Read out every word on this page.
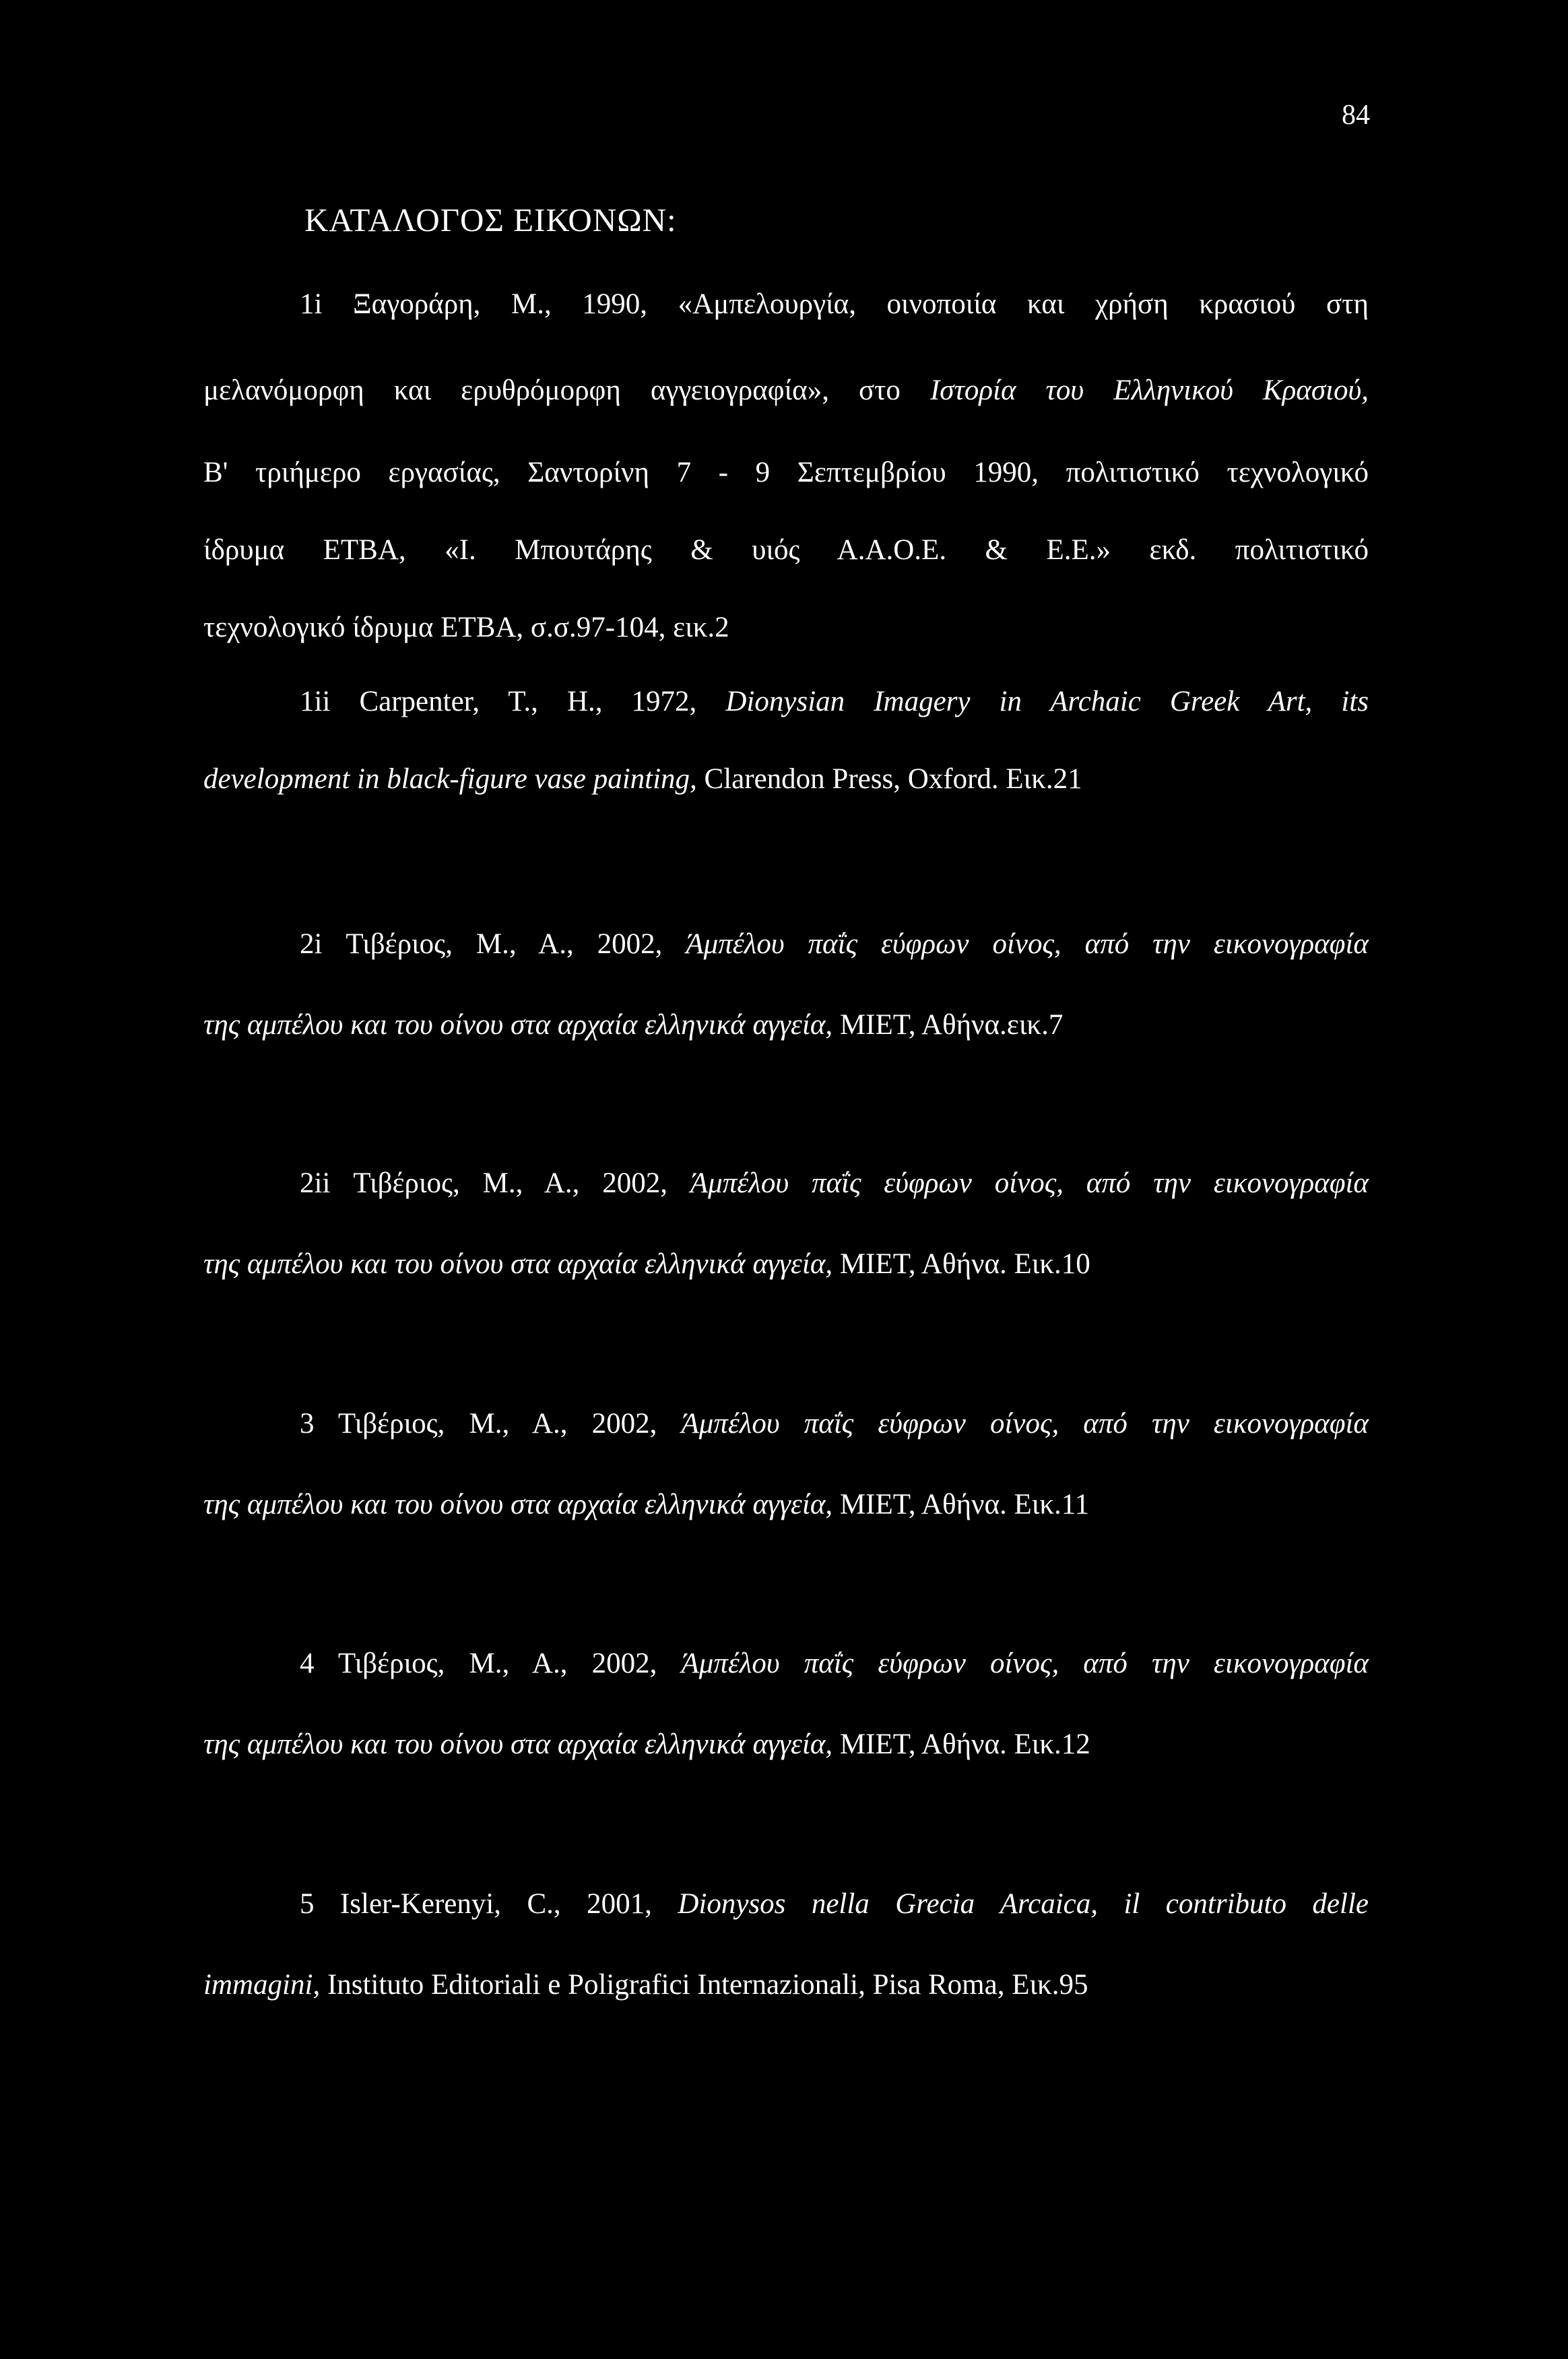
84
ΚΑΤΑΛΟΓΟΣ ΕΙΚΟΝΩΝ:
1i Ξαγοράρη, Μ., 1990, «Αμπελουργία, οινοποιία και χρήση κρασιού στη
μελανόμορφη και ερυθρόμορφη αγγειογραφία», στο Ιστορία του Ελληνικού Κρασιού,
Β' τριήμερο εργασίας, Σαντορίνη 7 - 9 Σεπτεμβρίου 1990, πολιτιστικό τεχνολογικό
ίδρυμα ΕΤΒΑ, «Ι. Μπουτάρης & υιός Α.Α.Ο.Ε. & Ε.Ε.» εκδ. πολιτιστικό
τεχνολογικό ίδρυμα ΕΤΒΑ, σ.σ.97-104, εικ.2
1ii Carpenter, T., H., 1972, Dionysian Imagery in Archaic Greek Art, its
development in black-figure vase painting, Clarendon Press, Oxford. Εικ.21
2i Τιβέριος, Μ., Α., 2002, Άμπέλου παΐς εύφρων οίνος, από την εικονογραφία
της αμπέλου και του οίνου στα αρχαία ελληνικά αγγεία, ΜΙΕΤ, Αθήνα.εικ.7
2ii Τιβέριος, Μ., Α., 2002, Άμπέλου παΐς εύφρων οίνος, από την εικονογραφία
της αμπέλου και του οίνου στα αρχαία ελληνικά αγγεία, ΜΙΕΤ, Αθήνα. Εικ.10
3 Τιβέριος, Μ., Α., 2002, Άμπέλου παΐς εύφρων οίνος, από την εικονογραφία
της αμπέλου και του οίνου στα αρχαία ελληνικά αγγεία, ΜΙΕΤ, Αθήνα. Εικ.11
4 Τιβέριος, Μ., Α., 2002, Άμπέλου παΐς εύφρων οίνος, από την εικονογραφία
της αμπέλου και του οίνου στα αρχαία ελληνικά αγγεία, ΜΙΕΤ, Αθήνα. Εικ.12
5 Isler-Kerenyi, C., 2001, Dionysos nella Grecia Arcaica, il contributo delle
immagini, Instituto Editoriali e Poligrafici Internazionali, Pisa Roma, Εικ.95
